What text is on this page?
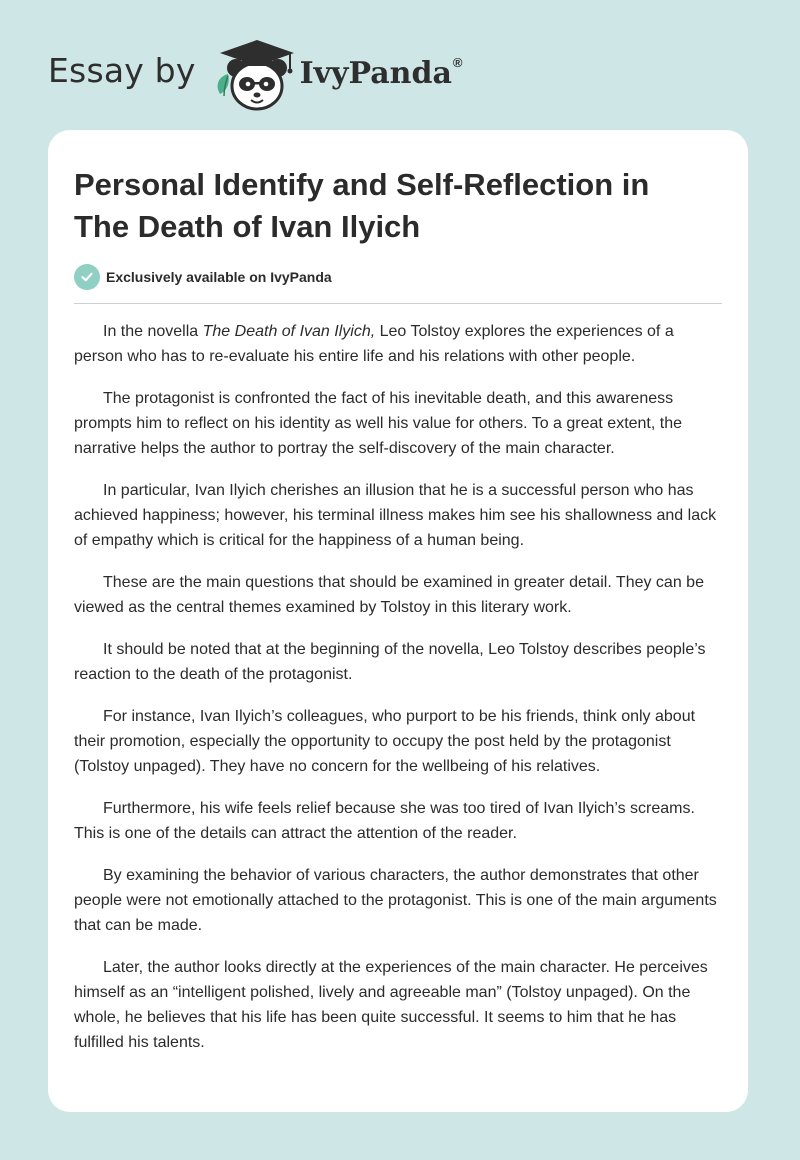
Essay by	IvyPanda®
Personal Identify and Self-Reflection in
The Death of Ivan Ilyich
Exclusively available on IvyPanda

In the novella The Death of Ivan Ilyich, Leo Tolstoy explores the experiences of a person who has to re-evaluate his entire life and his relations with other people.

The protagonist is confronted the fact of his inevitable death, and this awareness prompts him to reflect on his identity as well his value for others. To a great extent, the narrative helps the author to portray the self-discovery of the main character.

In particular, Ivan Ilyich cherishes an illusion that he is a successful person who has achieved happiness; however, his terminal illness makes him see his shallowness and lack of empathy which is critical for the happiness of a human being.

These are the main questions that should be examined in greater detail. They can be viewed as the central themes examined by Tolstoy in this literary work.

It should be noted that at the beginning of the novella, Leo Tolstoy describes people’s reaction to the death of the protagonist.

For instance, Ivan Ilyich’s colleagues, who purport to be his friends, think only about their promotion, especially the opportunity to occupy the post held by the protagonist (Tolstoy unpaged). They have no concern for the wellbeing of his relatives.

Furthermore, his wife feels relief because she was too tired of Ivan Ilyich’s screams. This is one of the details can attract the attention of the reader.

By examining the behavior of various characters, the author demonstrates that other people were not emotionally attached to the protagonist. This is one of the main arguments that can be made.

Later, the author looks directly at the experiences of the main character. He perceives himself as an “intelligent polished, lively and agreeable man” (Tolstoy unpaged). On the whole, he believes that his life has been quite successful. It seems to him that he has fulfilled his talents.
